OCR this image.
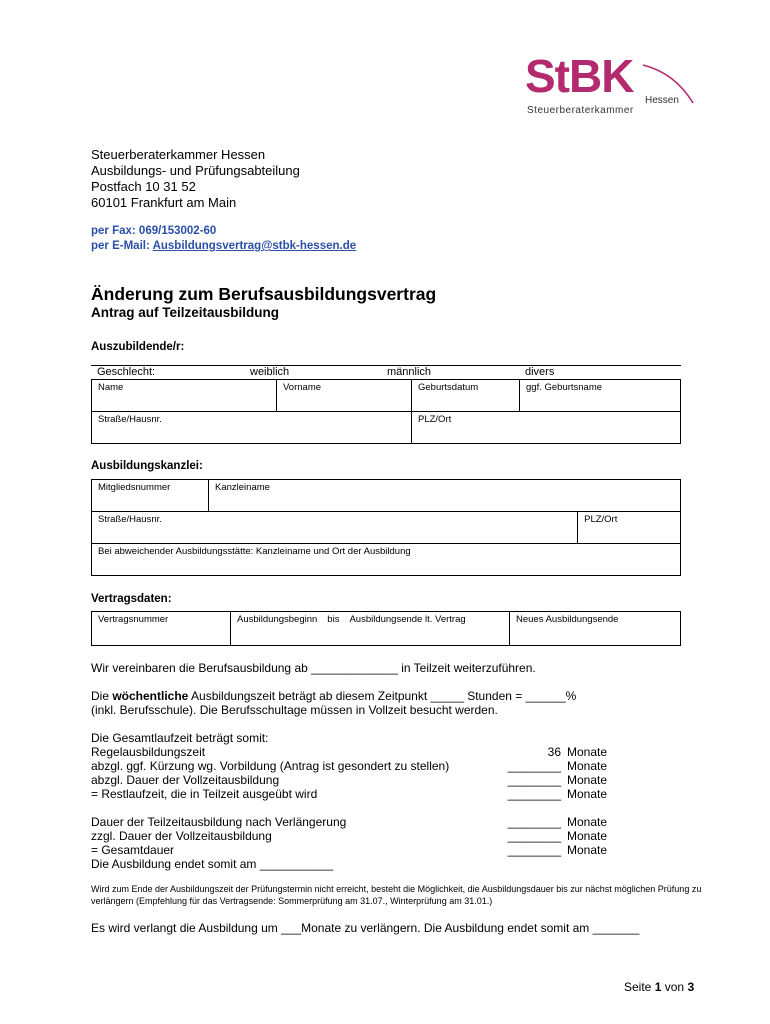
StBK Hessen
Steuerberaterkammer
Steuerberaterkammer Hessen
Ausbildungs- und Prüfungsabteilung
Postfach 10 31 52
60101 Frankfurt am Main
per Fax: 069/153002-60
per E-Mail: Ausbildungsvertrag@stbk-hessen.de
Änderung zum Berufsausbildungsvertrag
Antrag auf Teilzeitausbildung
Auszubildende/r:
Geschlecht:	weiblich	männlich	divers
Name	Vorname	Geburtsdatum	ggf. Geburtsname
Straße/Hausnr.		PLZ/Ort	
Ausbildungskanzlei:
Mitgliedsnummer	Kanzleiname	
Straße/Hausnr.		PLZ/Ort
Bei abweichender Ausbildungsstätte: Kanzleiname und Ort der Ausbildung		
Vertragsdaten:
Vertragsnummer	Ausbildungsbeginn	bis	Ausbildungsende lt. Vertrag	Neues Ausbildungsende
Wir vereinbaren die Berufsausbildung ab _____________ in Teilzeit weiterzuführen.
Die wöchentliche Ausbildungszeit beträgt ab diesem Zeitpunkt _____ Stunden = ______%
(inkl. Berufsschule). Die Berufsschultage müssen in Vollzeit besucht werden.
Die Gesamtlaufzeit beträgt somit:
Regelausbildungszeit	36 Monate
abzgl. ggf. Kürzung wg. Vorbildung (Antrag ist gesondert zu stellen)	________ Monate
abzgl. Dauer der Vollzeitausbildung	________ Monate
= Restlaufzeit, die in Teilzeit ausgeübt wird	________ Monate
Dauer der Teilzeitausbildung nach Verlängerung	________ Monate
zzgl. Dauer der Vollzeitausbildung	________ Monate
= Gesamtdauer	________ Monate
Die Ausbildung endet somit am ___________
Wird zum Ende der Ausbildungszeit der Prüfungstermin nicht erreicht, besteht die Möglichkeit, die Ausbildungsdauer bis zur nächst möglichen Prüfung zu verlängern (Empfehlung für das Vertragsende: Sommerprüfung am 31.07., Winterprüfung am 31.01.)
Es wird verlangt die Ausbildung um ___Monate zu verlängern. Die Ausbildung endet somit am _______
Seite 1 von 3
